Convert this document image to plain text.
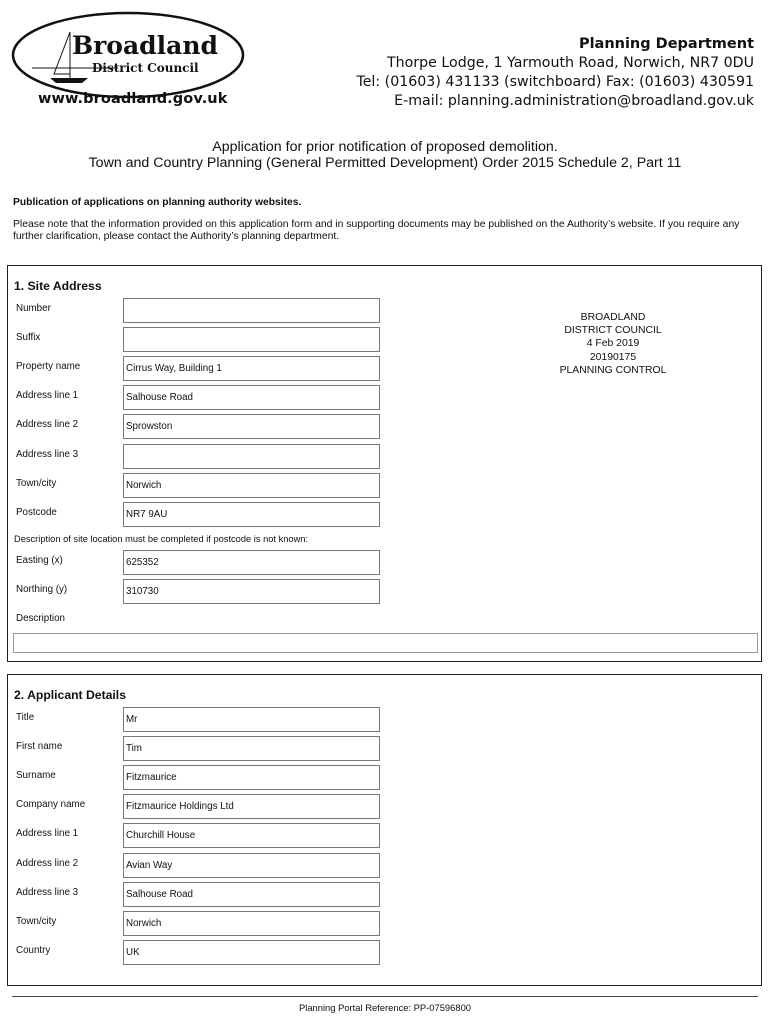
Broadland
District Council
www.broadland.gov.uk
Planning Department
Thorpe Lodge, 1 Yarmouth Road, Norwich, NR7 0DU
Tel: (01603) 431133 (switchboard) Fax: (01603) 430591
E-mail: planning.administration@broadland.gov.uk
Application for prior notification of proposed demolition.
Town and Country Planning (General Permitted Development) Order 2015 Schedule 2, Part 11
Publication of applications on planning authority websites.
Please note that the information provided on this application form and in supporting documents may be published on the Authority’s website. If you require any further clarification, please contact the Authority’s planning department.
1. Site Address
Number
Suffix
Property name	Cirrus Way, Building 1
Address line 1	Salhouse Road
Address line 2	Sprowston
Address line 3
Town/city	Norwich
Postcode	NR7 9AU
Description of site location must be completed if postcode is not known:
Easting (x)	625352
Northing (y)	310730
Description
BROADLAND
DISTRICT COUNCIL
4 Feb 2019
20190175
PLANNING CONTROL
2. Applicant Details
Title	Mr
First name	Tim
Surname	Fitzmaurice
Company name	Fitzmaurice Holdings Ltd
Address line 1	Churchill House
Address line 2	Avian Way
Address line 3	Salhouse Road
Town/city	Norwich
Country	UK
Planning Portal Reference: PP-07596800
